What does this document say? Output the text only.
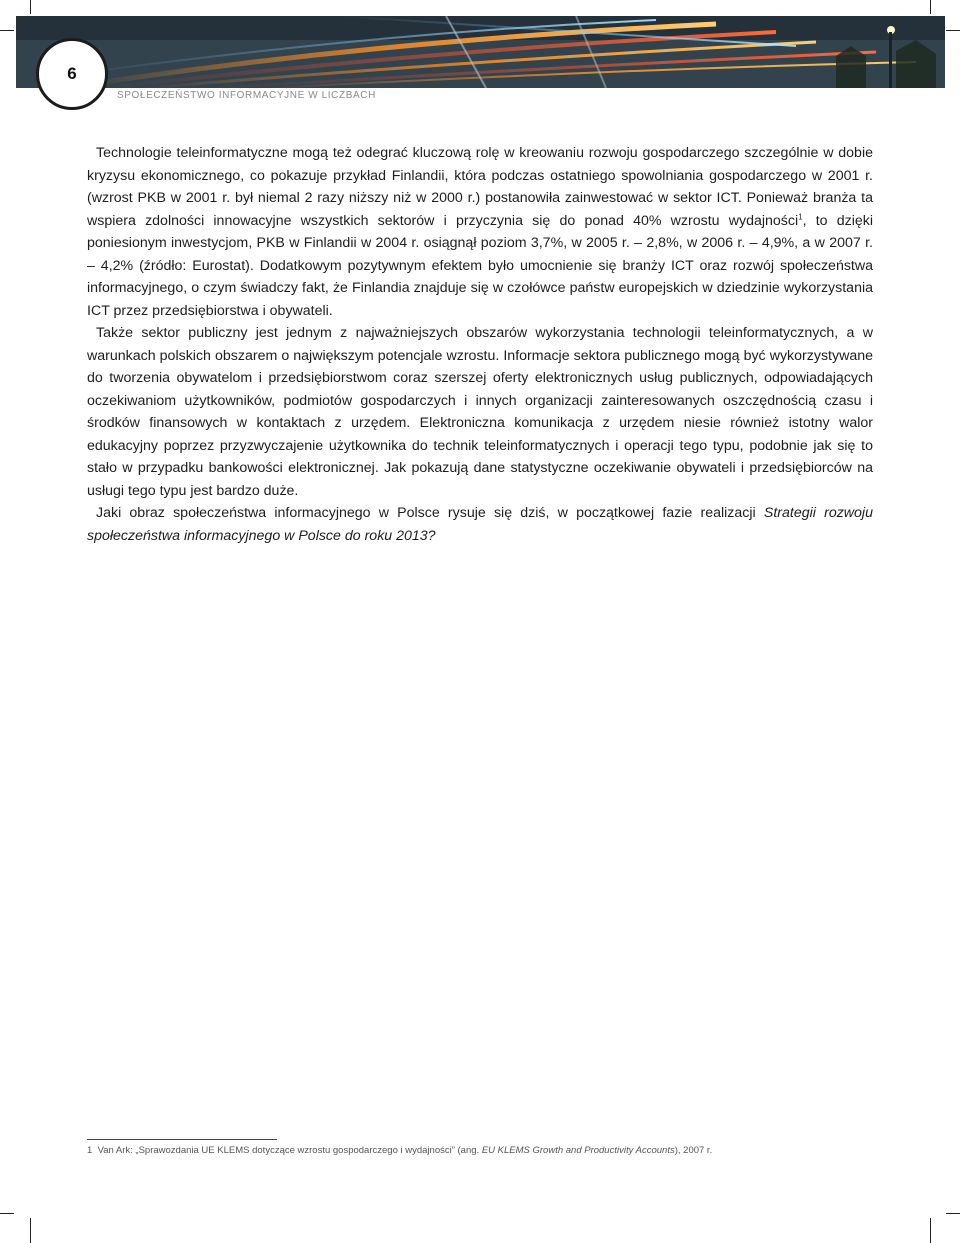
6
SPOŁECZEŃSTWO INFORMACYJNE W LICZBACH

Technologie teleinformatyczne mogą też odegrać kluczową rolę w kreowaniu rozwoju gospodarczego szczególnie w dobie kryzysu ekonomicznego, co pokazuje przykład Finlandii, która podczas ostatniego spowolniania gospodarczego w 2001 r. (wzrost PKB w 2001 r. był niemal 2 razy niższy niż w 2000 r.) postanowiła zainwestować w sektor ICT. Ponieważ branża ta wspiera zdolności innowacyjne wszystkich sektorów i przyczynia się do ponad 40% wzrostu wydajności$^1$, to dzięki poniesionym inwestycjom, PKB w Finlandii w 2004 r. osiągnął poziom 3,7%, w 2005 r. – 2,8%, w 2006 r. – 4,9%, a w 2007 r. – 4,2% (źródło: Eurostat). Dodatkowym pozytywnym efektem było umocnienie się branży ICT oraz rozwój społeczeństwa informacyjnego, o czym świadczy fakt, że Finlandia znajduje się w czołówce państw europejskich w dziedzinie wykorzystania ICT przez przedsiębiorstwa i obywateli.

Także sektor publiczny jest jednym z najważniejszych obszarów wykorzystania technologii teleinformatycznych, a w warunkach polskich obszarem o największym potencjale wzrostu. Informacje sektora publicznego mogą być wykorzystywane do tworzenia obywatelom i przedsiębiorstwom coraz szerszej oferty elektronicznych usług publicznych, odpowiadających oczekiwaniom użytkowników, podmiotów gospodarczych i innych organizacji zainteresowanych oszczędnością czasu i środków finansowych w kontaktach z urzędem. Elektroniczna komunikacja z urzędem niesie również istotny walor edukacyjny poprzez przyzwyczajenie użytkownika do technik teleinformatycznych i operacji tego typu, podobnie jak się to stało w przypadku bankowości elektronicznej. Jak pokazują dane statystyczne oczekiwanie obywateli i przedsiębiorców na usługi tego typu jest bardzo duże.

Jaki obraz społeczeństwa informacyjnego w Polsce rysuje się dziś, w początkowej fazie realizacji Strategii rozwoju społeczeństwa informacyjnego w Polsce do roku 2013?

1 Van Ark: „Sprawozdania UE KLEMS dotyczące wzrostu gospodarczego i wydajności” (ang. EU KLEMS Growth and Productivity Accounts), 2007 r.
